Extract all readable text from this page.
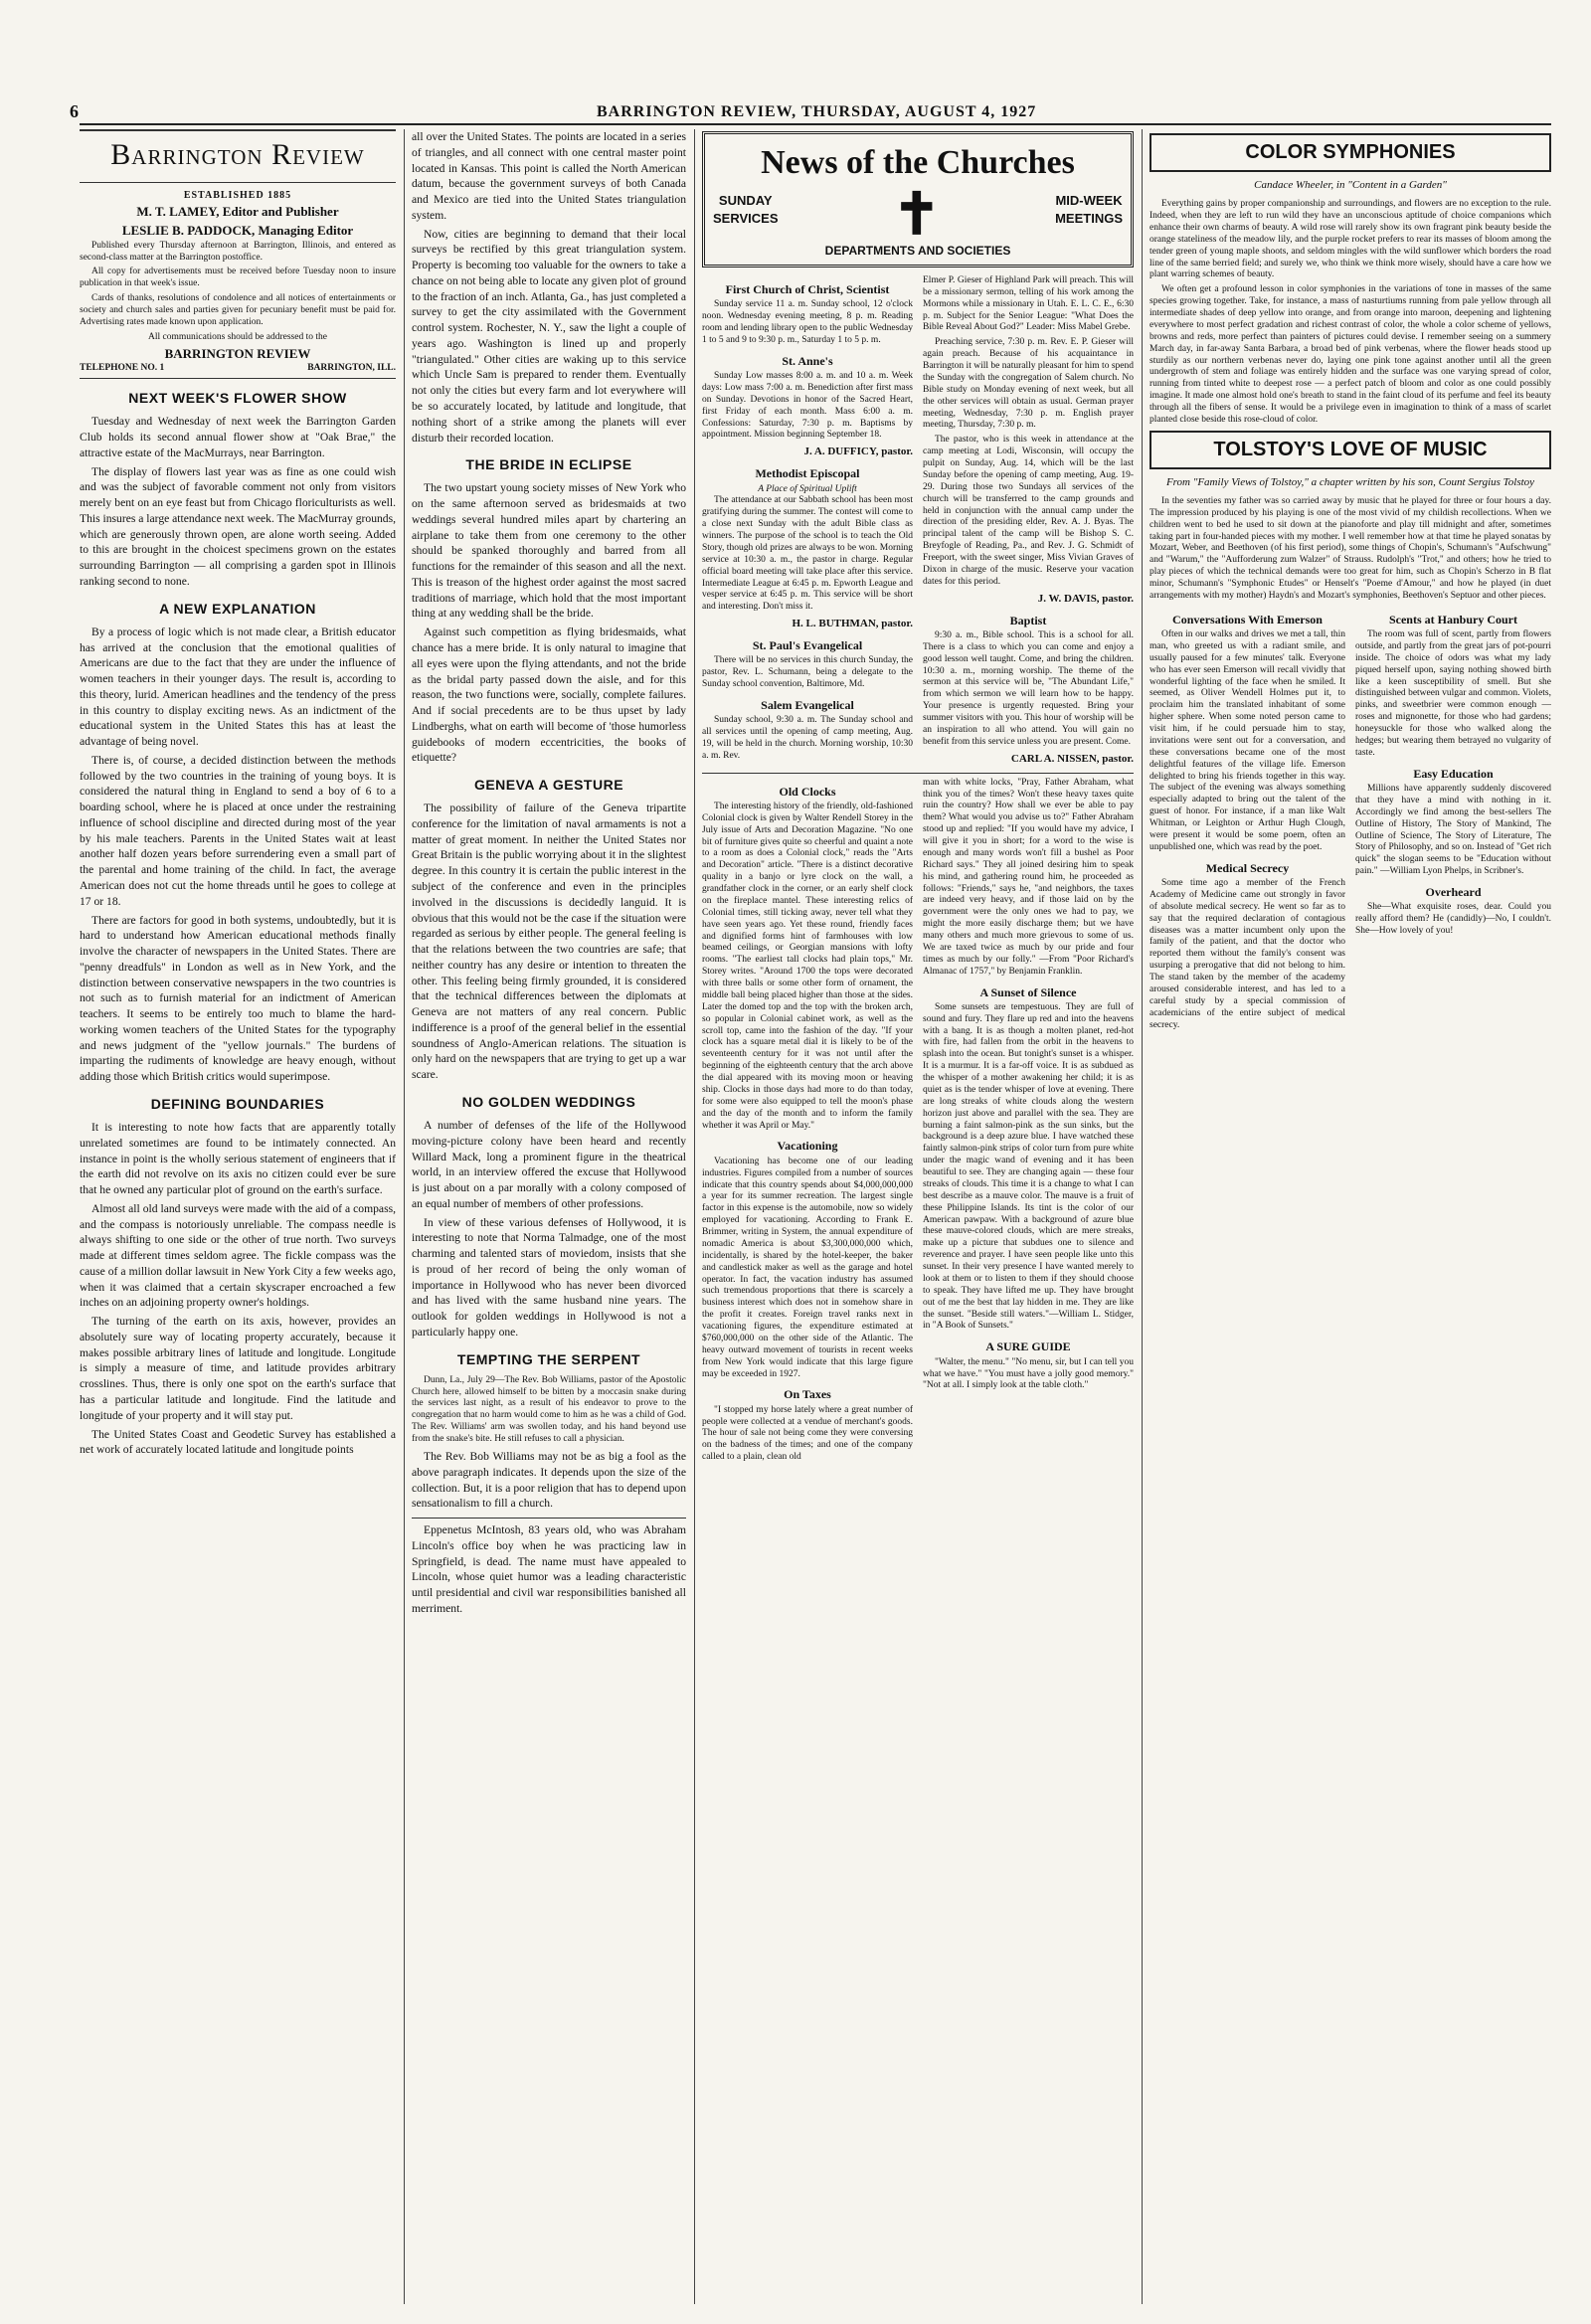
6	BARRINGTON REVIEW, THURSDAY, AUGUST 4, 1927
Barrington Review
ESTABLISHED 1885
M. T. LAMEY, Editor and Publisher
LESLIE B. PADDOCK, Managing Editor

Published every Thursday afternoon at Barrington, Illinois, and entered as second-class matter at the Barrington postoffice.

All copy for advertisements must be received before Tuesday noon to insure publication in that week's issue.

Cards of thanks, resolutions of condolence and all notices of entertainments or society and church sales and parties given for pecuniary benefit must be paid for. Advertising rates made known upon application.

All communications should be addressed to the
BARRINGTON REVIEW
TELEPHONE NO. 1	BARRINGTON, ILL.
NEXT WEEK'S FLOWER SHOW

Tuesday and Wednesday of next week the Barrington Garden Club holds its second annual flower show at "Oak Brae," the attractive estate of the MacMurrays, near Barrington.

The display of flowers last year was as fine as one could wish and was the subject of favorable comment not only from visitors merely bent on an eye feast but from Chicago floriculturists as well. This insures a large attendance next week. The MacMurray grounds, which are generously thrown open, are alone worth seeing. Added to this are brought in the choicest specimens grown on the estates surrounding Barrington — all comprising a garden spot in Illinois ranking second to none.

A NEW EXPLANATION

By a process of logic which is not made clear, a British educator has arrived at the conclusion that the emotional qualities of Americans are due to the fact that they are under the influence of women teachers in their younger days. The result is, according to this theory, lurid. American headlines and the tendency of the press in this country to display exciting news. As an indictment of the educational system in the United States this has at least the advantage of being novel.

There is, of course, a decided distinction between the methods followed by the two countries in the training of young boys. It is considered the natural thing in England to send a boy of 6 to a boarding school, where he is placed at once under the restraining influence of school discipline and directed during most of the year by his male teachers. Parents in the United States wait at least another half dozen years before surrendering even a small part of the parental and home training of the child. In fact, the average American does not cut the home threads until he goes to college at 17 or 18.

There are factors for good in both systems, undoubtedly, but it is hard to understand how American educational methods finally involve the character of newspapers in the United States. There are "penny dreadfuls" in London as well as in New York, and the distinction between conservative newspapers in the two countries is not such as to furnish material for an indictment of American teachers. It seems to be entirely too much to blame the hard-working women teachers of the United States for the typography and news judgment of the "yellow journals." The burdens of imparting the rudiments of knowledge are heavy enough, without adding those which British critics would superimpose.

DEFINING BOUNDARIES

It is interesting to note how facts that are apparently totally unrelated sometimes are found to be intimately connected. An instance in point is the wholly serious statement of engineers that if the earth did not revolve on its axis no citizen could ever be sure that he owned any particular plot of ground on the earth's surface.

Almost all old land surveys were made with the aid of a compass, and the compass is notoriously unreliable. The compass needle is always shifting to one side or the other of true north. Two surveys made at different times seldom agree. The fickle compass was the cause of a million dollar lawsuit in New York City a few weeks ago, when it was claimed that a certain skyscraper encroached a few inches on an adjoining property owner's holdings.

The turning of the earth on its axis, however, provides an absolutely sure way of locating property accurately, because it makes possible arbitrary lines of latitude and longitude. Longitude is simply a measure of time, and latitude provides arbitrary crosslines. Thus, there is only one spot on the earth's surface that has a particular latitude and longitude. Find the latitude and longitude of your property and it will stay put.

The United States Coast and Geodetic Survey has established a net work of accurately located latitude and longitude points

all over the United States. The points are located in a series of triangles, and all connect with one central master point located in Kansas. This point is called the North American datum, because the government surveys of both Canada and Mexico are tied into the United States triangulation system.

Now, cities are beginning to demand that their local surveys be rectified by this great triangulation system. Property is becoming too valuable for the owners to take a chance on not being able to locate any given plot of ground to the fraction of an inch. Atlanta, Ga., has just completed a survey to get the city assimilated with the Government control system. Rochester, N. Y., saw the light a couple of years ago. Washington is lined up and properly "triangulated." Other cities are waking up to this service which Uncle Sam is prepared to render them. Eventually not only the cities but every farm and lot everywhere will be so accurately located, by latitude and longitude, that nothing short of a strike among the planets will ever disturb their recorded location.

THE BRIDE IN ECLIPSE

The two upstart young society misses of New York who on the same afternoon served as bridesmaids at two weddings several hundred miles apart by chartering an airplane to take them from one ceremony to the other should be spanked thoroughly and barred from all functions for the remainder of this season and all the next. This is treason of the highest order against the most sacred traditions of marriage, which hold that the most important thing at any wedding shall be the bride.

Against such competition as flying bridesmaids, what chance has a mere bride. It is only natural to imagine that all eyes were upon the flying attendants, and not the bride as the bridal party passed down the aisle, and for this reason, the two functions were, socially, complete failures. And if social precedents are to be thus upset by lady Lindberghs, what on earth will become of 'those humorless guidebooks of modern eccentricities, the books of etiquette?

GENEVA A GESTURE

The possibility of failure of the Geneva tripartite conference for the limitation of naval armaments is not a matter of great moment. In neither the United States nor Great Britain is the public worrying about it in the slightest degree. In this country it is certain the public interest in the subject of the conference and even in the principles involved in the discussions is decidedly languid. It is obvious that this would not be the case if the situation were regarded as serious by either people. The general feeling is that the relations between the two countries are safe; that neither country has any desire or intention to threaten the other. This feeling being firmly grounded, it is considered that the technical differences between the diplomats at Geneva are not matters of any real concern. Public indifference is a proof of the general belief in the essential soundness of Anglo-American relations. The situation is only hard on the newspapers that are trying to get up a war scare.

NO GOLDEN WEDDINGS

A number of defenses of the life of the Hollywood moving-picture colony have been heard and recently Willard Mack, long a prominent figure in the theatrical world, in an interview offered the excuse that Hollywood is just about on a par morally with a colony composed of an equal number of members of other professions.

In view of these various defenses of Hollywood, it is interesting to note that Norma Talmadge, one of the most charming and talented stars of moviedom, insists that she is proud of her record of being the only woman of importance in Hollywood who has never been divorced and has lived with the same husband nine years. The outlook for golden weddings in Hollywood is not a particularly happy one.

TEMPTING THE SERPENT

Dunn, La., July 29—The Rev. Bob Williams, pastor of the Apostolic Church here, allowed himself to be bitten by a moccasin snake during the services last night, as a result of his endeavor to prove to the congregation that no harm would come to him as he was a child of God. The Rev. Williams' arm was swollen today, and his hand beyond use from the snake's bite. He still refuses to call a physician.

The Rev. Bob Williams may not be as big a fool as the above paragraph indicates. It depends upon the size of the collection. But, it is a poor religion that has to depend upon sensationalism to fill a church.

Eppenetus McIntosh, 83 years old, who was Abraham Lincoln's office boy when he was practicing law in Springfield, is dead. The name must have appealed to Lincoln, whose quiet humor was a leading characteristic until presidential and civil war responsibilities banished all merriment.

News of the Churches
SUNDAY
SERVICES ✝	MID-WEEK
MEETINGS
DEPARTMENTS AND SOCIETIES
First Church of Christ, Scientist

Sunday service 11 a. m. Sunday school, 12 o'clock noon. Wednesday evening meeting, 8 p. m. Reading room and lending library open to the public Wednesday 1 to 5 and 9 to 9:30 p. m., Saturday 1 to 5 p. m.

St. Anne's

Sunday Low masses 8:00 a. m. and 10 a. m. Week days: Low mass 7:00 a. m. Benediction after first mass on Sunday. Devotions in honor of the Sacred Heart, first Friday of each month. Mass 6:00 a. m. Confessions: Saturday, 7:30 p. m. Baptisms by appointment. Mission beginning September 18.

J. A. DUFFICY, pastor.
Methodist Episcopal
A Place of Spiritual Uplift

The attendance at our Sabbath school has been most gratifying during the summer. The contest will come to a close next Sunday with the adult Bible class as winners. The purpose of the school is to teach the Old Story, though old prizes are always to be won. Morning service at 10:30 a. m., the pastor in charge. Regular official board meeting will take place after this service. Intermediate League at 6:45 p. m. Epworth League and vesper service at 6:45 p. m. This service will be short and interesting. Don't miss it.

H. L. BUTHMAN, pastor.
St. Paul's Evangelical

There will be no services in this church Sunday, the pastor, Rev. L. Schumann, being a delegate to the Sunday school convention, Baltimore, Md.

Salem Evangelical

Sunday school, 9:30 a. m. The Sunday school and all services until the opening of camp meeting, Aug. 19, will be held in the church. Morning worship, 10:30 a. m. Rev.

Elmer P. Gieser of Highland Park will preach. This will be a missionary sermon, telling of his work among the Mormons while a missionary in Utah. E. L. C. E., 6:30 p. m. Subject for the Senior League: "What Does the Bible Reveal About God?" Leader: Miss Mabel Grebe.

Preaching service, 7:30 p. m. Rev. E. P. Gieser will again preach. Because of his acquaintance in Barrington it will be naturally pleasant for him to spend the Sunday with the congregation of Salem church. No Bible study on Monday evening of next week, but all the other services will obtain as usual. German prayer meeting, Wednesday, 7:30 p. m. English prayer meeting, Thursday, 7:30 p. m.

The pastor, who is this week in attendance at the camp meeting at Lodi, Wisconsin, will occupy the pulpit on Sunday, Aug. 14, which will be the last Sunday before the opening of camp meeting, Aug. 19-29. During those two Sundays all services of the church will be transferred to the camp grounds and held in conjunction with the annual camp under the direction of the presiding elder, Rev. A. J. Byas. The principal talent of the camp will be Bishop S. C. Breyfogle of Reading, Pa., and Rev. J. G. Schmidt of Freeport, with the sweet singer, Miss Vivian Graves of Dixon in charge of the music. Reserve your vacation dates for this period.

J. W. DAVIS, pastor.
Baptist

9:30 a. m., Bible school. This is a school for all. There is a class to which you can come and enjoy a good lesson well taught. Come, and bring the children. 10:30 a. m., morning worship. The theme of the sermon at this service will be, "The Abundant Life," from which sermon we will learn how to be happy. Your presence is urgently requested. Bring your summer visitors with you. This hour of worship will be an inspiration to all who attend. You will gain no benefit from this service unless you are present. Come.

CARL A. NISSEN, pastor.
Old Clocks

The interesting history of the friendly, old-fashioned Colonial clock is given by Walter Rendell Storey in the July issue of Arts and Decoration Magazine. "No one bit of furniture gives quite so cheerful and quaint a note to a room as does a Colonial clock," reads the "Arts and Decoration" article. "There is a distinct decorative quality in a banjo or lyre clock on the wall, a grandfather clock in the corner, or an early shelf clock on the fireplace mantel. These interesting relics of Colonial times, still ticking away, never tell what they have seen years ago. Yet these round, friendly faces and dignified forms hint of farmhouses with low beamed ceilings, or Georgian mansions with lofty rooms. "The earliest tall clocks had plain tops," Mr. Storey writes. "Around 1700 the tops were decorated with three balls or some other form of ornament, the middle ball being placed higher than those at the sides. Later the domed top and the top with the broken arch, so popular in Colonial cabinet work, as well as the scroll top, came into the fashion of the day. "If your clock has a square metal dial it is likely to be of the seventeenth century for it was not until after the beginning of the eighteenth century that the arch above the dial appeared with its moving moon or heaving ship. Clocks in those days had more to do than today, for some were also equipped to tell the moon's phase and the day of the month and to inform the family whether it was April or May."

Vacationing

Vacationing has become one of our leading industries. Figures compiled from a number of sources indicate that this country spends about $4,000,000,000 a year for its summer recreation. The largest single factor in this expense is the automobile, now so widely employed for vacationing. According to Frank E. Brimmer, writing in System, the annual expenditure of nomadic America is about $3,300,000,000 which, incidentally, is shared by the hotel-keeper, the baker and candlestick maker as well as the garage and hotel operator. In fact, the vacation industry has assumed such tremendous proportions that there is scarcely a business interest which does not in somehow share in the profit it creates. Foreign travel ranks next in vacationing figures, the expenditure estimated at $760,000,000 on the other side of the Atlantic. The heavy outward movement of tourists in recent weeks from New York would indicate that this large figure may be exceeded in 1927.

On Taxes

"I stopped my horse lately where a great number of people were collected at a vendue of merchant's goods. The hour of sale not being come they were conversing on the badness of the times; and one of the company called to a plain, clean old

man with white locks, "Pray, Father Abraham, what think you of the times? Won't these heavy taxes quite ruin the country? How shall we ever be able to pay them? What would you advise us to?" Father Abraham stood up and replied: "If you would have my advice, I will give it you in short; for a word to the wise is enough and many words won't fill a bushel as Poor Richard says." They all joined desiring him to speak his mind, and gathering round him, he proceeded as follows: "Friends," says he, "and neighbors, the taxes are indeed very heavy, and if those laid on by the government were the only ones we had to pay, we might the more easily discharge them; but we have many others and much more grievous to some of us. We are taxed twice as much by our pride and four times as much by our folly." —From "Poor Richard's Almanac of 1757," by Benjamin Franklin.

A Sunset of Silence

Some sunsets are tempestuous. They are full of sound and fury. They flare up red and into the heavens with a bang. It is as though a molten planet, red-hot with fire, had fallen from the orbit in the heavens to splash into the ocean. But tonight's sunset is a whisper. It is a murmur. It is a far-off voice. It is as subdued as the whisper of a mother awakening her child; it is as quiet as is the tender whisper of love at evening. There are long streaks of white clouds along the western horizon just above and parallel with the sea. They are burning a faint salmon-pink as the sun sinks, but the background is a deep azure blue. I have watched these faintly salmon-pink strips of color turn from pure white under the magic wand of evening and it has been beautiful to see. They are changing again — these four streaks of clouds. This time it is a change to what I can best describe as a mauve color. The mauve is a fruit of these Philippine Islands. Its tint is the color of our American pawpaw. With a background of azure blue these mauve-colored clouds, which are mere streaks, make up a picture that subdues one to silence and reverence and prayer. I have seen people like unto this sunset. In their very presence I have wanted merely to look at them or to listen to them if they should choose to speak. They have lifted me up. They have brought out of me the best that lay hidden in me. They are like the sunset. "Beside still waters."—William L. Stidger, in "A Book of Sunsets."

A SURE GUIDE

"Walter, the menu." "No menu, sir, but I can tell you what we have." "You must have a jolly good memory." "Not at all. I simply look at the table cloth."

COLOR SYMPHONIES
Candace Wheeler, in "Content in a Garden"

Everything gains by proper companionship and surroundings, and flowers are no exception to the rule. Indeed, when they are left to run wild they have an unconscious aptitude of choice companions which enhance their own charms of beauty. A wild rose will rarely show its own fragrant pink beauty beside the orange stateliness of the meadow lily, and the purple rocket prefers to rear its masses of bloom among the tender green of young maple shoots, and seldom mingles with the wild sunflower which borders the road line of the same berried field; and surely we, who think we think more wisely, should have a care how we plant warring schemes of beauty.

We often get a profound lesson in color symphonies in the variations of tone in masses of the same species growing together. Take, for instance, a mass of nasturtiums running from pale yellow through all intermediate shades of deep yellow into orange, and from orange into maroon, deepening and lightening everywhere to most perfect gradation and richest contrast of color, the whole a color scheme of yellows, browns and reds, more perfect than painters of pictures could devise. I remember seeing on a summery March day, in far-away Santa Barbara, a broad bed of pink verbenas, where the flower heads stood up sturdily as our northern verbenas never do, laying one pink tone against another until all the green undergrowth of stem and foliage was entirely hidden and the surface was one varying spread of color, running from tinted white to deepest rose — a perfect patch of bloom and color as one could possibly imagine. It made one almost hold one's breath to stand in the faint cloud of its perfume and feel its beauty through all the fibers of sense. It would be a privilege even in imagination to think of a mass of scarlet planted close beside this rose-cloud of color.

TOLSTOY'S LOVE OF MUSIC
From "Family Views of Tolstoy," a chapter written by his son, Count Sergius Tolstoy

In the seventies my father was so carried away by music that he played for three or four hours a day. The impression produced by his playing is one of the most vivid of my childish recollections. When we children went to bed he used to sit down at the pianoforte and play till midnight and after, sometimes taking part in four-handed pieces with my mother. I well remember how at that time he played sonatas by Mozart, Weber, and Beethoven (of his first period), some things of Chopin's, Schumann's "Aufschwung" and "Warum," the "Aufforderung zum Walzer" of Strauss. Rudolph's "Trot," and others; how he tried to play pieces of which the technical demands were too great for him, such as Chopin's Scherzo in B flat minor, Schumann's "Symphonic Etudes" or Henselt's "Poeme d'Amour," and how he played (in duet arrangements with my mother) Haydn's and Mozart's symphonies, Beethoven's Septuor and other pieces.

Conversations With Emerson

Often in our walks and drives we met a tall, thin man, who greeted us with a radiant smile, and usually paused for a few minutes' talk. Everyone who has ever seen Emerson will recall vividly that wonderful lighting of the face when he smiled. It seemed, as Oliver Wendell Holmes put it, to proclaim him the translated inhabitant of some higher sphere. When some noted person came to visit him, if he could persuade him to stay, invitations were sent out for a conversation, and these conversations became one of the most delightful features of the village life. Emerson delighted to bring his friends together in this way. The subject of the evening was always something especially adapted to bring out the talent of the guest of honor. For instance, if a man like Walt Whitman, or Leighton or Arthur Hugh Clough, were present it would be some poem, often an unpublished one, which was read by the poet.

Medical Secrecy

Some time ago a member of the French Academy of Medicine came out strongly in favor of absolute medical secrecy. He went so far as to say that the required declaration of contagious diseases was a matter incumbent only upon the family of the patient, and that the doctor who reported them without the family's consent was usurping a prerogative that did not belong to him. The stand taken by the member of the academy aroused considerable interest, and has led to a careful study by a special commission of academicians of the entire subject of medical secrecy.

Scents at Hanbury Court

The room was full of scent, partly from flowers outside, and partly from the great jars of pot-pourri inside. The choice of odors was what my lady piqued herself upon, saying nothing showed birth like a keen susceptibility of smell. But she distinguished between vulgar and common. Violets, pinks, and sweetbrier were common enough — roses and mignonette, for those who had gardens; honeysuckle for those who walked along the hedges; but wearing them betrayed no vulgarity of taste.

Easy Education

Millions have apparently suddenly discovered that they have a mind with nothing in it. Accordingly we find among the best-sellers The Outline of History, The Story of Mankind, The Outline of Science, The Story of Literature, The Story of Philosophy, and so on. Instead of "Get rich quick" the slogan seems to be "Education without pain." —William Lyon Phelps, in Scribner's.

Overheard

She—What exquisite roses, dear. Could you really afford them? He (candidly)—No, I couldn't. She—How lovely of you!
